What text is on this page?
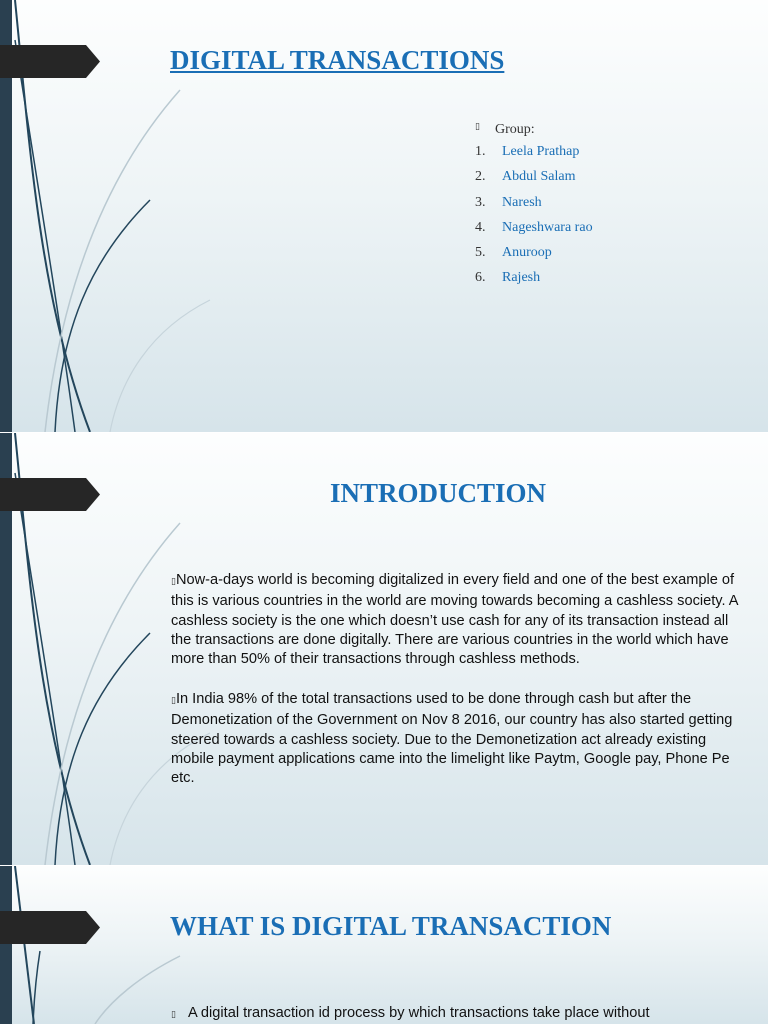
DIGITAL TRANSACTIONS
▯ Group:
1. Leela Prathap
2. Abdul Salam
3. Naresh
4. Nageshwara rao
5. Anuroop
6. Rajesh
INTRODUCTION

▯Now-a-days world is becoming digitalized in every field and one of the best example of this is various countries in the world are moving towards becoming a cashless society. A cashless society is the one which doesn’t use cash for any of its transaction instead all the transactions are done digitally. There are various countries in the world which have more than 50% of their transactions through cashless methods.

▯In India 98% of the total transactions used to be done through cash but after the Demonetization of the Government on Nov 8 2016, our country has also started getting steered towards a cashless society. Due to the Demonetization act already existing mobile payment applications came into the limelight like Paytm, Google pay, Phone Pe etc.

WHAT IS DIGITAL TRANSACTION

▯ A digital transaction id process by which transactions take place without
